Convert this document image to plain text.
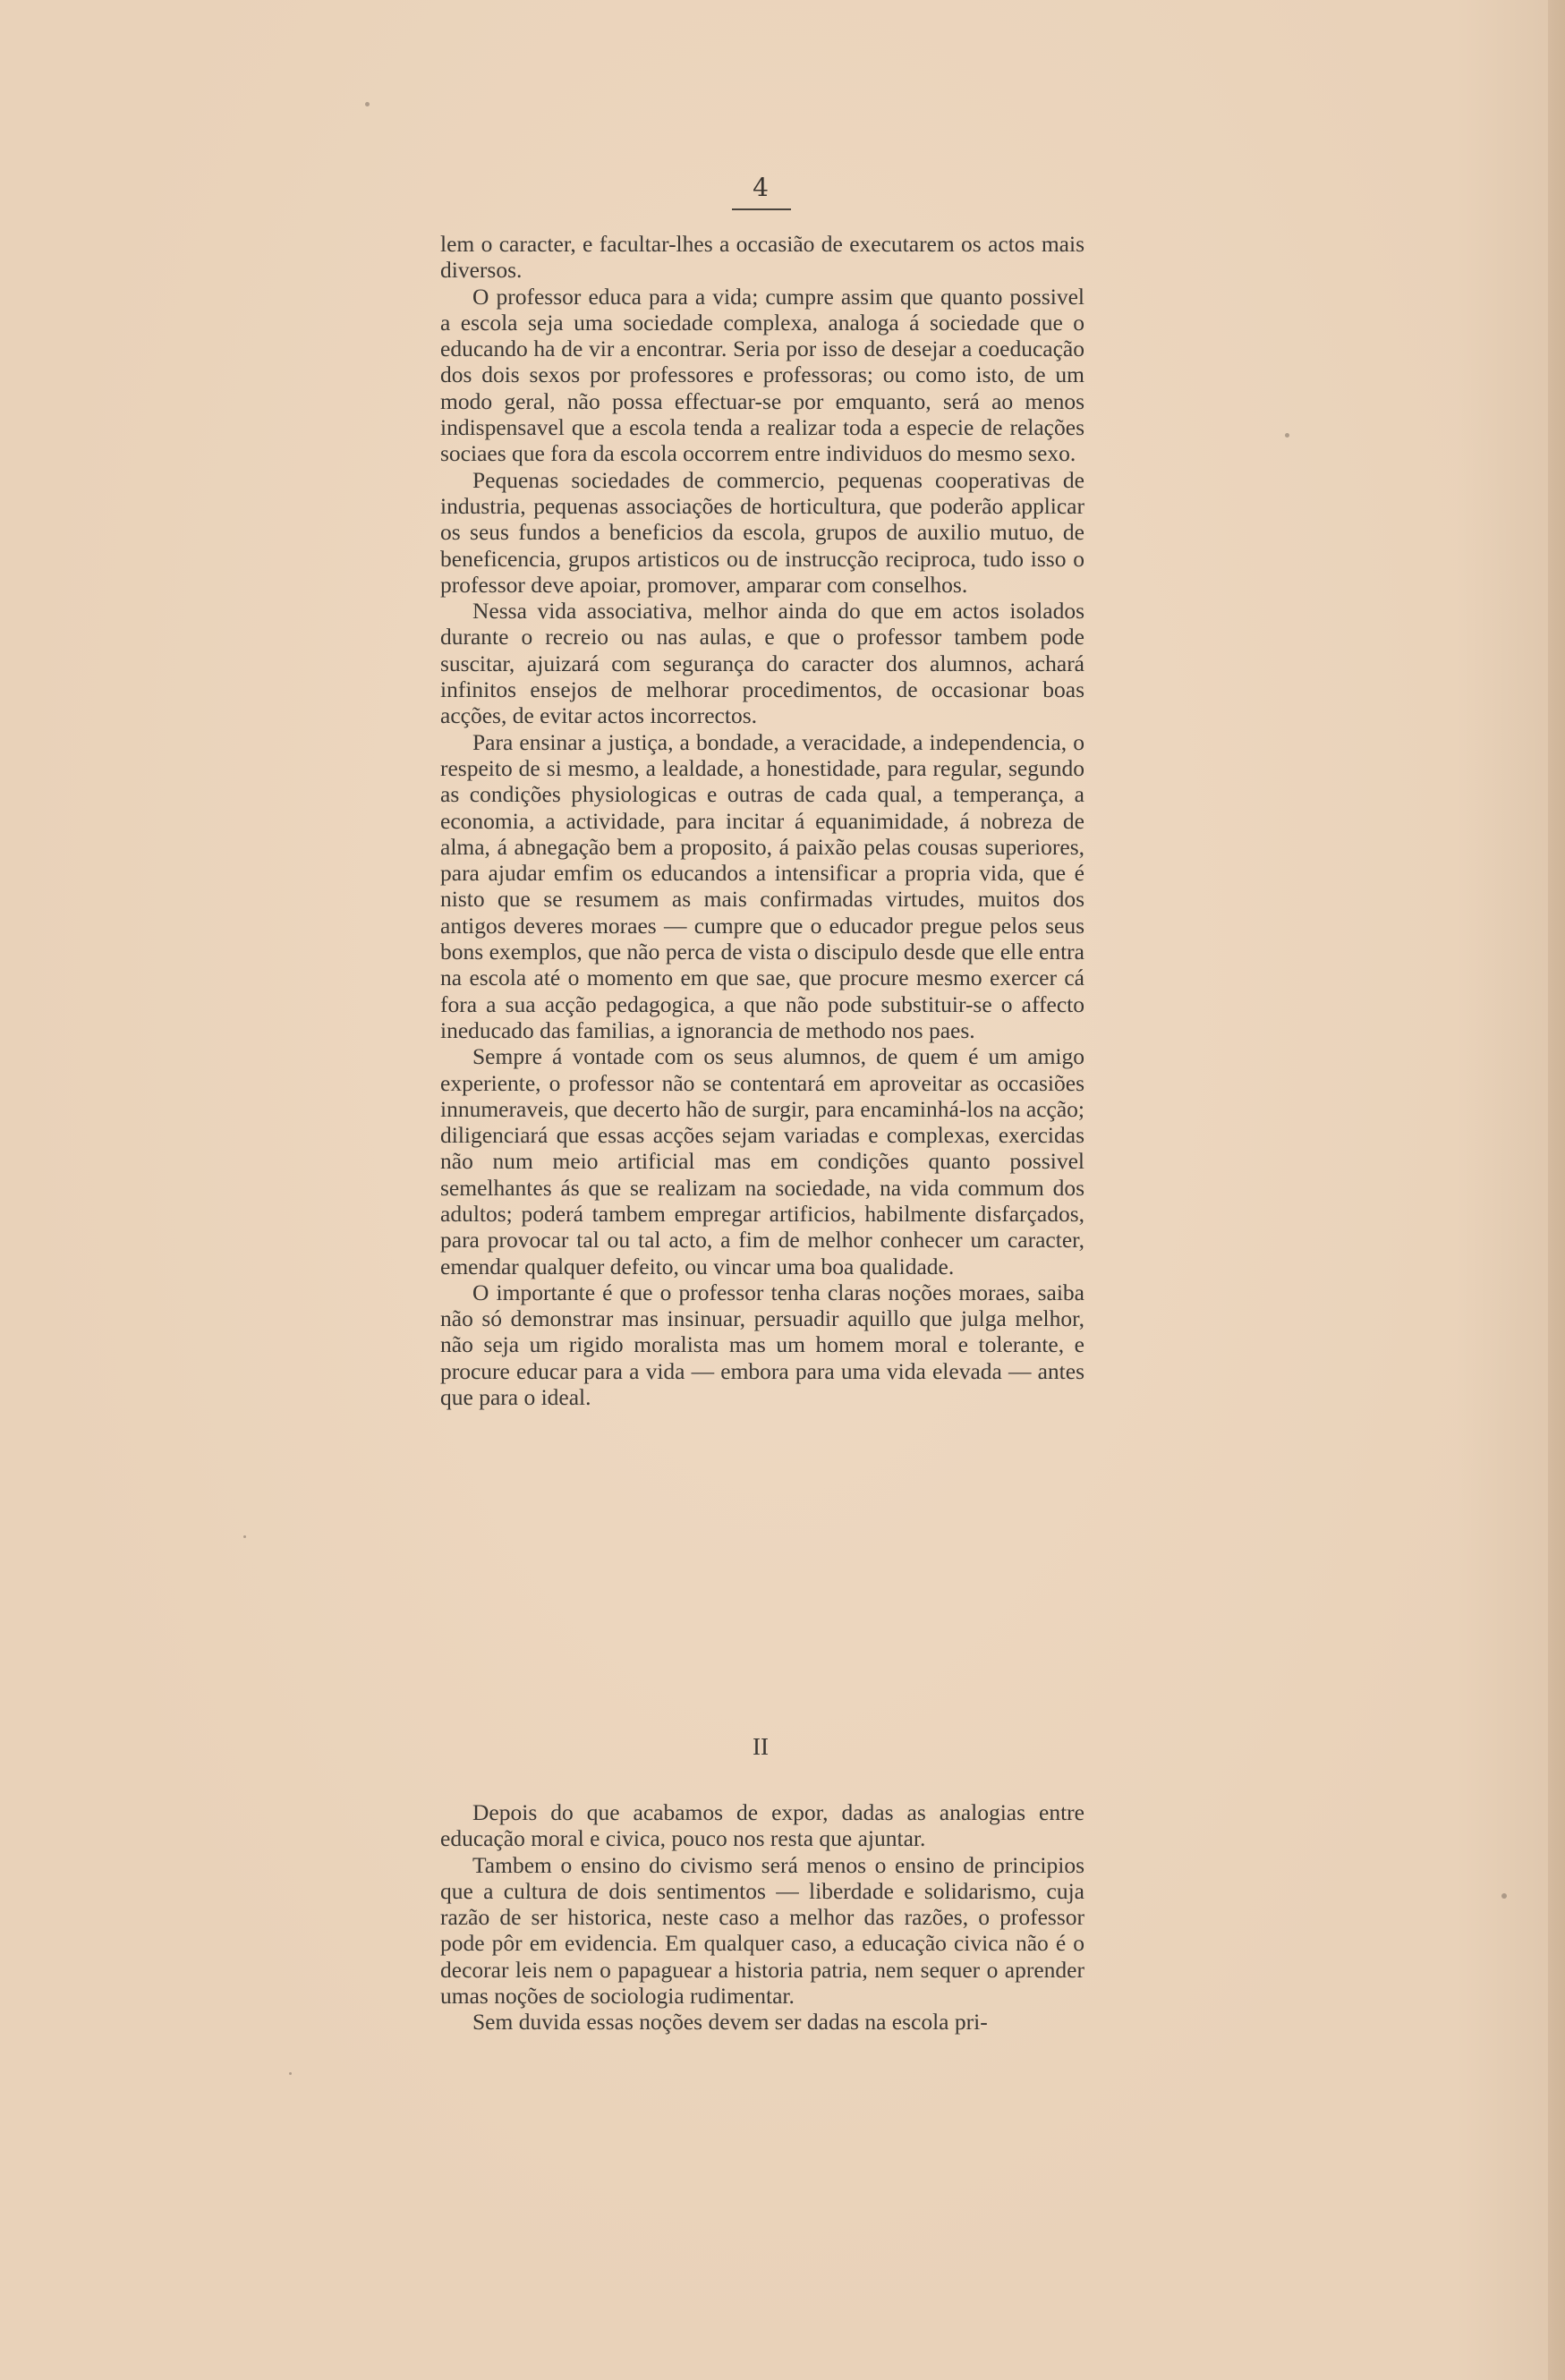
4

lem o caracter, e facultar-lhes a occasião de executarem os actos mais diversos.

O professor educa para a vida; cumpre assim que quanto possivel a escola seja uma sociedade complexa, analoga á sociedade que o educando ha de vir a encontrar. Seria por isso de desejar a coeducação dos dois sexos por professores e professoras; ou como isto, de um modo geral, não possa effectuar-se por emquanto, será ao menos indispensavel que a escola tenda a realizar toda a especie de relações sociaes que fora da escola occorrem entre individuos do mesmo sexo.

Pequenas sociedades de commercio, pequenas cooperativas de industria, pequenas associações de horticultura, que poderão applicar os seus fundos a beneficios da escola, grupos de auxilio mutuo, de beneficencia, grupos artisticos ou de instrucção reciproca, tudo isso o professor deve apoiar, promover, amparar com conselhos.

Nessa vida associativa, melhor ainda do que em actos isolados durante o recreio ou nas aulas, e que o professor tambem pode suscitar, ajuizará com segurança do caracter dos alumnos, achará infinitos ensejos de melhorar procedimentos, de occasionar boas acções, de evitar actos incorrectos.

Para ensinar a justiça, a bondade, a veracidade, a independencia, o respeito de si mesmo, a lealdade, a honestidade, para regular, segundo as condições physiologicas e outras de cada qual, a temperança, a economia, a actividade, para incitar á equanimidade, á nobreza de alma, á abnegação bem a proposito, á paixão pelas cousas superiores, para ajudar emfim os educandos a intensificar a propria vida, que é nisto que se resumem as mais confirmadas virtudes, muitos dos antigos deveres moraes — cumpre que o educador pregue pelos seus bons exemplos, que não perca de vista o discipulo desde que elle entra na escola até o momento em que sae, que procure mesmo exercer cá fora a sua acção pedagogica, a que não pode substituir-se o affecto ineducado das familias, a ignorancia de methodo nos paes.

Sempre á vontade com os seus alumnos, de quem é um amigo experiente, o professor não se contentará em aproveitar as occasiões innumeraveis, que decerto hão de surgir, para encaminhá-los na acção; diligenciará que essas acções sejam variadas e complexas, exercidas não num meio artificial mas em condições quanto possivel semelhantes ás que se realizam na sociedade, na vida commum dos adultos; poderá tambem empregar artificios, habilmente disfarçados, para provocar tal ou tal acto, a fim de melhor conhecer um caracter, emendar qualquer defeito, ou vincar uma boa qualidade.

O importante é que o professor tenha claras noções moraes, saiba não só demonstrar mas insinuar, persuadir aquillo que julga melhor, não seja um rigido moralista mas um homem moral e tolerante, e procure educar para a vida — embora para uma vida elevada — antes que para o ideal.

II

Depois do que acabamos de expor, dadas as analogias entre educação moral e civica, pouco nos resta que ajuntar.

Tambem o ensino do civismo será menos o ensino de principios que a cultura de dois sentimentos — liberdade e solidarismo, cuja razão de ser historica, neste caso a melhor das razões, o professor pode pôr em evidencia. Em qualquer caso, a educação civica não é o decorar leis nem o papaguear a historia patria, nem sequer o aprender umas noções de sociologia rudimentar.

Sem duvida essas noções devem ser dadas na escola pri-
